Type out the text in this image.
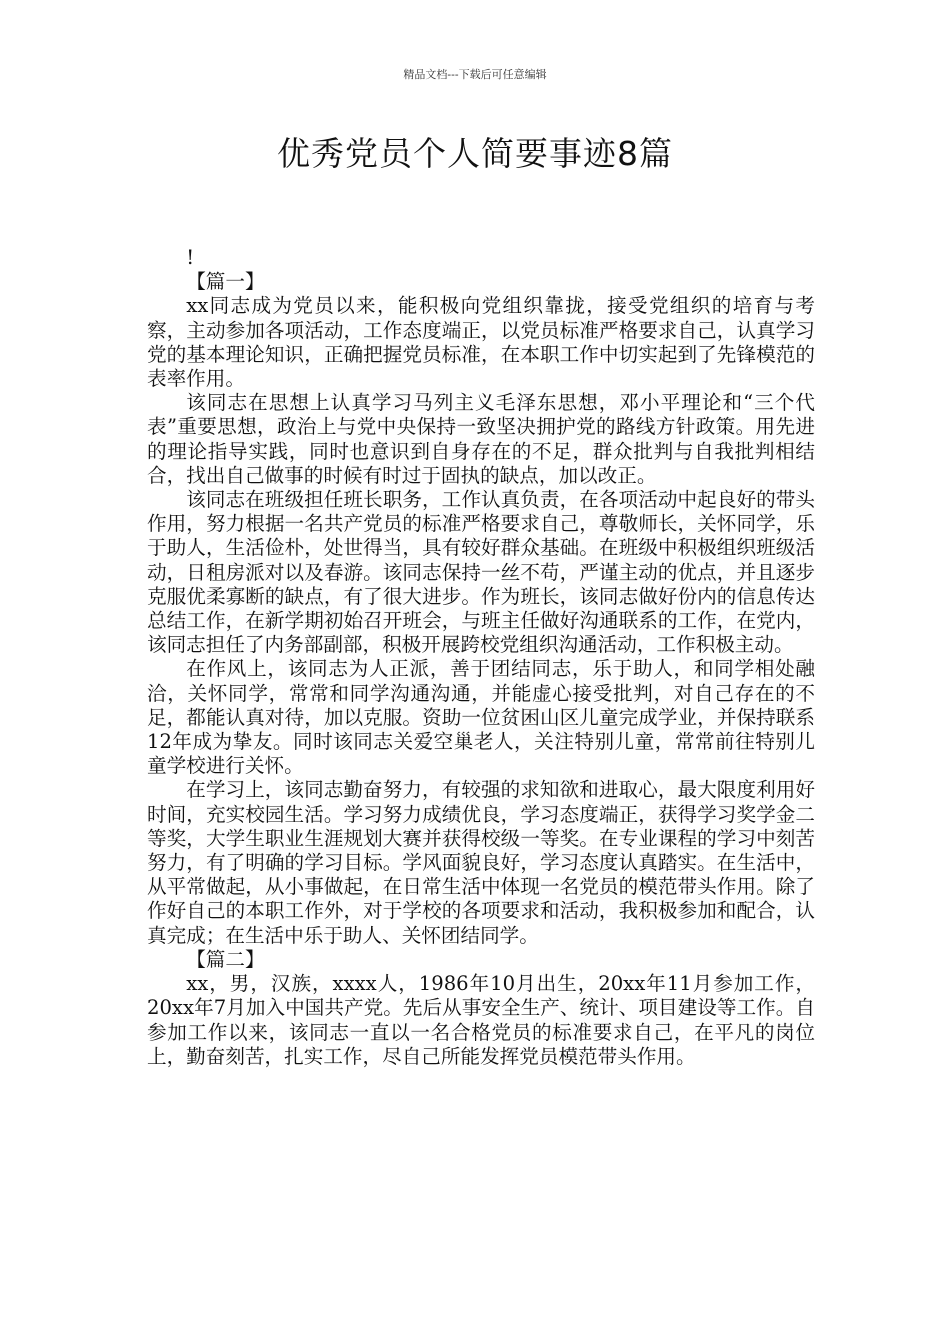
精品文档---下载后可任意编辑
优秀党员个人简要事迹8篇

!

【篇一】

xx同志成为党员以来，能积极向党组织靠拢，接受党组织的培育与考察，主动参加各项活动，工作态度端正，以党员标准严格要求自己，认真学习党的基本理论知识，正确把握党员标准，在本职工作中切实起到了先锋模范的表率作用。

该同志在思想上认真学习马列主义毛泽东思想，邓小平理论和“三个代表”重要思想，政治上与党中央保持一致坚决拥护党的路线方针政策。用先进的理论指导实践，同时也意识到自身存在的不足，群众批判与自我批判相结合，找出自己做事的时候有时过于固执的缺点，加以改正。

该同志在班级担任班长职务，工作认真负责，在各项活动中起良好的带头作用，努力根据一名共产党员的标准严格要求自己，尊敬师长，关怀同学，乐于助人，生活俭朴，处世得当，具有较好群众基础。在班级中积极组织班级活动，日租房派对以及春游。该同志保持一丝不苟，严谨主动的优点，并且逐步克服优柔寡断的缺点，有了很大进步。作为班长，该同志做好份内的信息传达总结工作，在新学期初始召开班会，与班主任做好沟通联系的工作，在党内，该同志担任了内务部副部，积极开展跨校党组织沟通活动，工作积极主动。

在作风上，该同志为人正派，善于团结同志，乐于助人，和同学相处融洽，关怀同学，常常和同学沟通沟通，并能虚心接受批判，对自己存在的不足，都能认真对待，加以克服。资助一位贫困山区儿童完成学业，并保持联系12年成为挚友。同时该同志关爱空巢老人，关注特别儿童，常常前往特别儿童学校进行关怀。

在学习上，该同志勤奋努力，有较强的求知欲和进取心，最大限度利用好时间，充实校园生活。学习努力成绩优良，学习态度端正，获得学习奖学金二等奖，大学生职业生涯规划大赛并获得校级一等奖。在专业课程的学习中刻苦努力，有了明确的学习目标。学风面貌良好，学习态度认真踏实。在生活中，从平常做起，从小事做起，在日常生活中体现一名党员的模范带头作用。除了作好自己的本职工作外，对于学校的各项要求和活动，我积极参加和配合，认真完成；在生活中乐于助人、关怀团结同学。

【篇二】

xx，男，汉族，xxxx人，1986年10月出生，20xx年11月参加工作，20xx年7月加入中国共产党。先后从事安全生产、统计、项目建设等工作。自参加工作以来，该同志一直以一名合格党员的标准要求自己，在平凡的岗位上，勤奋刻苦，扎实工作，尽自己所能发挥党员模范带头作用。
